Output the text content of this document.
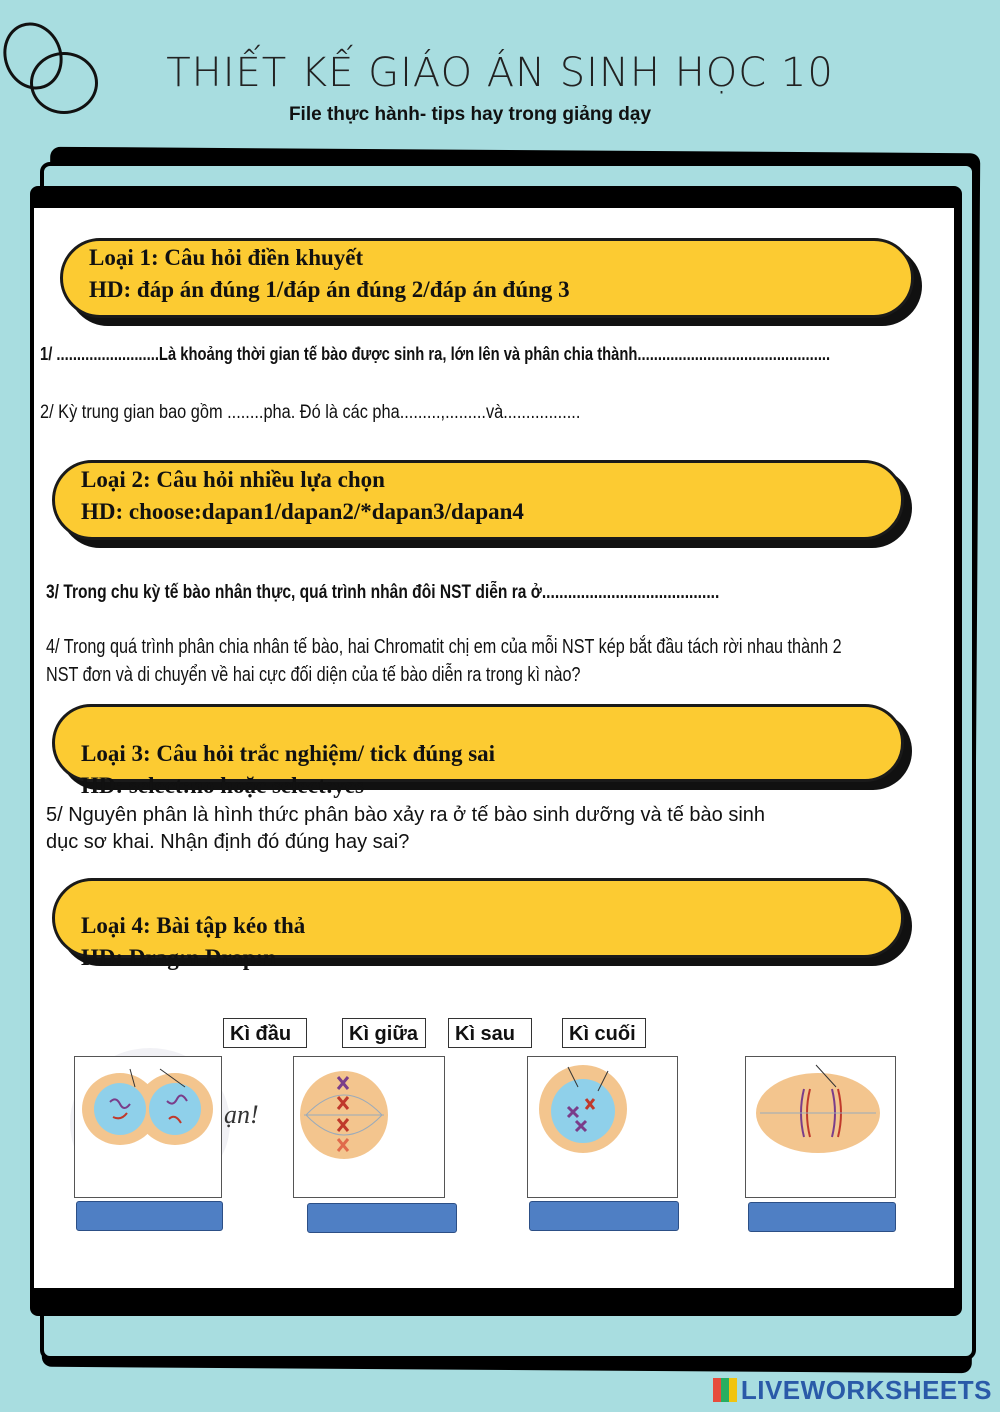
THIẾT KẾ GIÁO ÁN SINH HỌC 10
File thực hành- tips hay trong giảng dạy
Loại 1: Câu hỏi điền khuyết
HD: đáp án đúng 1/đáp án đúng 2/đáp án đúng 3
1/ .........................Là khoảng thời gian tế bào được sinh ra, lớn lên và phân chia thành...............................................
2/ Kỳ trung gian bao gồm ........pha. Đó là các pha.........,.........và.................
Loại 2: Câu hỏi nhiều lựa chọn
HD: choose:dapan1/dapan2/*dapan3/dapan4
3/ Trong chu kỳ tế bào nhân thực, quá trình nhân đôi NST diễn ra ở.........................................
4/ Trong quá trình phân chia nhân tế bào, hai Chromatit chị em của mỗi NST kép bắt đầu tách rời nhau thành 2
NST đơn và di chuyển về hai cực đối diện của tế bào diễn ra trong kì nào?
Loại 3: Câu hỏi trắc nghiệm/ tick đúng sai
HD: select:no hoặc select:yes
5/ Nguyên phân là hình thức phân bào xảy ra ở tế bào sinh dưỡng và tế bào sinh
dục sơ khai. Nhận định đó đúng hay sai?
Loại 4: Bài tập kéo thả
HD: Drag:n Drop:n
Kì đầu	Kì giữa	Kì sau	Kì cuối
ạn!
LIVEWORKSHEETS
